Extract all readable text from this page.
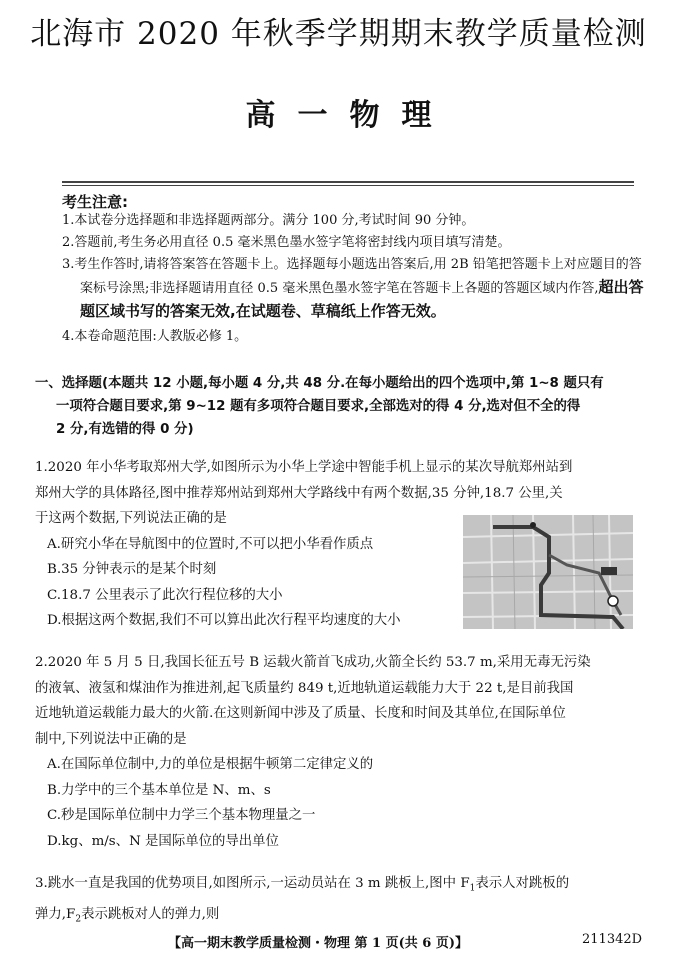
北海市 2020 年秋季学期期末教学质量检测
高一物理
考生注意:
1.本试卷分选择题和非选择题两部分。满分 100 分,考试时间 90 分钟。
2.答题前,考生务必用直径 0.5 毫米黑色墨水签字笔将密封线内项目填写清楚。
3.考生作答时,请将答案答在答题卡上。选择题每小题选出答案后,用 2B 铅笔把答题卡上对应题目的答案标号涂黑;非选择题请用直径 0.5 毫米黑色墨水签字笔在答题卡上各题的答题区域内作答,超出答题区域书写的答案无效,在试题卷、草稿纸上作答无效。
4.本卷命题范围:人教版必修 1。
一、选择题(本题共 12 小题,每小题 4 分,共 48 分.在每小题给出的四个选项中,第 1~8 题只有
一项符合题目要求,第 9~12 题有多项符合题目要求,全部选对的得 4 分,选对但不全的得
2 分,有选错的得 0 分)
1.2020 年小华考取郑州大学,如图所示为小华上学途中智能手机上显示的某次导航郑州站到
郑州大学的具体路径,图中推荐郑州站到郑州大学路线中有两个数据,35 分钟,18.7 公里,关
于这两个数据,下列说法正确的是
A.研究小华在导航图中的位置时,不可以把小华看作质点
B.35 分钟表示的是某个时刻
C.18.7 公里表示了此次行程位移的大小
D.根据这两个数据,我们不可以算出此次行程平均速度的大小
2.2020 年 5 月 5 日,我国长征五号 B 运载火箭首飞成功,火箭全长约 53.7 m,采用无毒无污染
的液氧、液氢和煤油作为推进剂,起飞质量约 849 t,近地轨道运载能力大于 22 t,是目前我国
近地轨道运载能力最大的火箭.在这则新闻中涉及了质量、长度和时间及其单位,在国际单位
制中,下列说法中正确的是
A.在国际单位制中,力的单位是根据牛顿第二定律定义的
B.力学中的三个基本单位是 N、m、s
C.秒是国际单位制中力学三个基本物理量之一
D.kg、m/s、N 是国际单位的导出单位
3.跳水一直是我国的优势项目,如图所示,一运动员站在 3 m 跳板上,图中 $F_1$表示人对跳板的
弹力$,F_2$表示跳板对人的弹力,则
【高一期末教学质量检测・物理 第 1 页(共 6 页)】	211342D
